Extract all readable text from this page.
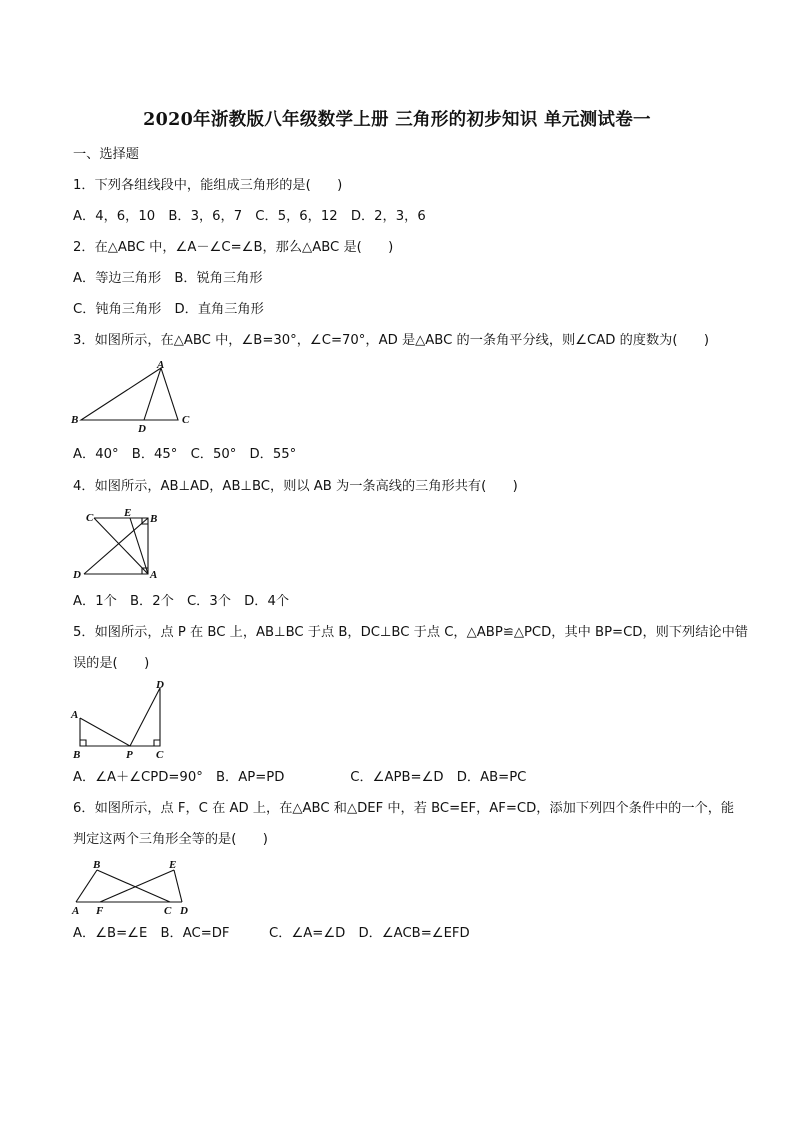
2020年浙教版八年级数学上册 三角形的初步知识 单元测试卷一
一、选择题
1．下列各组线段中，能组成三角形的是(　　)
A．4，6，10　B．3，6，7　C．5，6，12　D．2，3，6
2．在△ABC 中，∠A－∠C=∠B，那么△ABC 是(　　)
A．等边三角形　B．锐角三角形
C．钝角三角形　D．直角三角形
3．如图所示，在△ABC 中，∠B=30°，∠C=70°，AD 是△ABC 的一条角平分线，则∠CAD 的度数为(　　)
A
B	C
D
A．40°　B．45°　C．50°　D．55°
4．如图所示，AB⊥AD，AB⊥BC，则以 AB 为一条高线的三角形共有(　　)
C	E B
D	A
A．1个　B．2个　C．3个　D．4个
5．如图所示，点 P 在 BC 上，AB⊥BC 于点 B，DC⊥BC 于点 C，△ABP≌△PCD，其中 BP=CD，则下列结论中错
误的是(　　)
D
A
B	P C
A．∠A＋∠CPD=90°　B．AP=PD　　　　　C．∠APB=∠D　D．AB=PC
6．如图所示，点 F，C 在 AD 上，在△ABC 和△DEF 中，若 BC=EF，AF=CD，添加下列四个条件中的一个，能
判定这两个三角形全等的是(　　)
B	E
A F	C D
A．∠B=∠E　B．AC=DF　　　C．∠A=∠D　D．∠ACB=∠EFD
